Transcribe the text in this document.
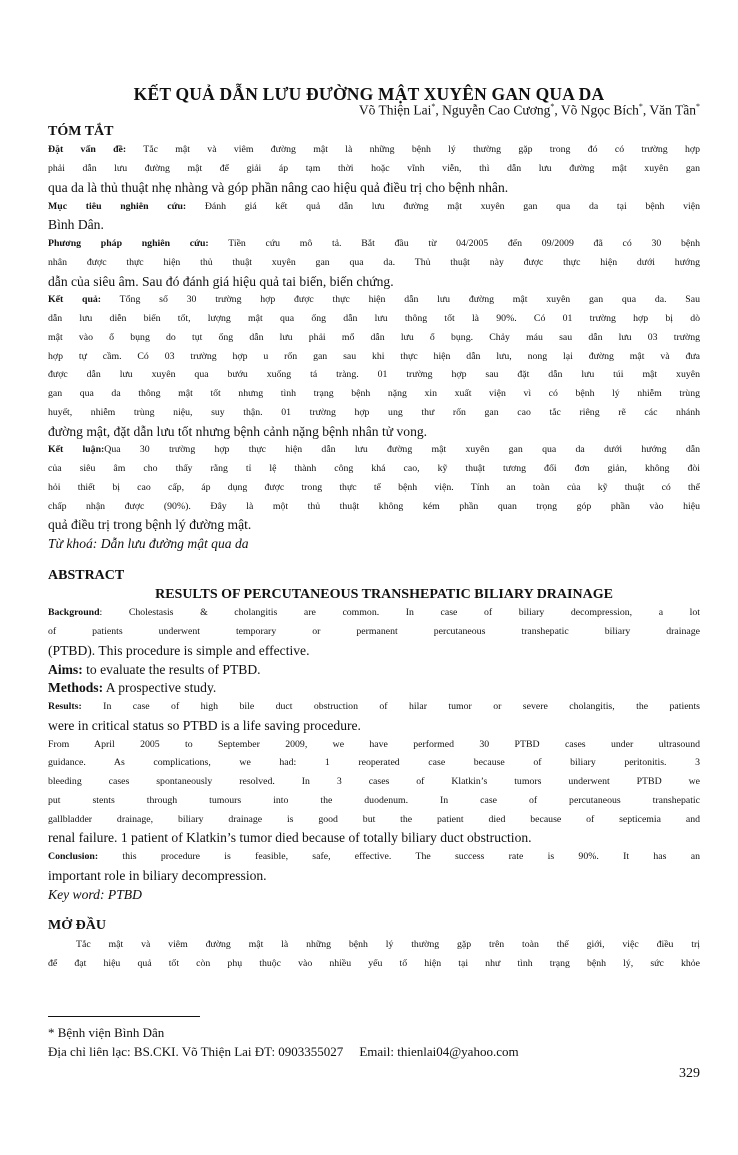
KẾT QUẢ DẪN LƯU ĐƯỜNG MẬT XUYÊN GAN QUA DA
Võ Thiện Lai*, Nguyễn Cao Cương*, Võ Ngọc Bích*, Văn Tần*
TÓM TẮT
Đặt vấn đề: Tắc mật và viêm đường mật là những bệnh lý thường gặp trong đó có trường hợp
phải dẫn lưu đường mật để giải áp tạm thời hoặc vĩnh viễn, thì dẫn lưu đường mật xuyên gan
qua da là thủ thuật nhẹ nhàng và góp phần nâng cao hiệu quả điều trị cho bệnh nhân.
Mục tiêu nghiên cứu: Đánh giá kết quả dẫn lưu đường mật xuyên gan qua da tại bệnh viện
Bình Dân.
Phương pháp nghiên cứu: Tiền cứu mô tả. Bắt đầu từ 04/2005 đến 09/2009 đã có 30 bệnh
nhân được thực hiện thủ thuật xuyên gan qua da. Thủ thuật này được thực hiện dưới hướng
dẫn của siêu âm. Sau đó đánh giá hiệu quả tai biến, biến chứng.
Kết quả: Tổng số 30 trường hợp được thực hiện dẫn lưu đường mật xuyên gan qua da. Sau
dẫn lưu diễn biến tốt, lượng mật qua ống dẫn lưu thông tốt là 90%. Có 01 trường hợp bị dò
mật vào ổ bụng do tụt ống dẫn lưu phải mổ dẫn lưu ổ bụng. Chảy máu sau dẫn lưu 03 trường
hợp tự cầm. Có 03 trường hợp u rốn gan sau khi thực hiện dẫn lưu, nong lại đường mật và đưa
được dẫn lưu xuyên qua bướu xuống tá tràng. 01 trường hợp sau đặt dẫn lưu túi mật xuyên
gan qua da thông mật tốt nhưng tình trạng bệnh nặng xin xuất viện vì có bệnh lý nhiễm trùng
huyết, nhiễm trùng niệu, suy thận. 01 trường hợp ung thư rốn gan cao tắc riêng rẽ các nhánh
đường mật, đặt dẫn lưu tốt nhưng bệnh cảnh nặng bệnh nhân tử vong.
Kết luận:Qua 30 trường hợp thực hiện dẫn lưu đường mật xuyên gan qua da dưới hướng dẫn
của siêu âm cho thấy rằng tỉ lệ thành công khá cao, kỹ thuật tương đối đơn giản, không đòi
hỏi thiết bị cao cấp, áp dụng được trong thực tế bệnh viện. Tính an toàn của kỹ thuật có thể
chấp nhận được (90%). Đây là một thủ thuật không kém phần quan trọng góp phần vào hiệu
quả điều trị trong bệnh lý đường mật.
Từ khoá: Dẫn lưu đường mật qua da
ABSTRACT
RESULTS OF PERCUTANEOUS TRANSHEPATIC BILIARY DRAINAGE
Background: Cholestasis & cholangitis are common. In case of biliary decompression, a lot
of patients underwent temporary or permanent percutaneous transhepatic biliary drainage
(PTBD). This procedure is simple and effective.
Aims: to evaluate the results of PTBD.
Methods: A prospective study.
Results: In case of high bile duct obstruction of hilar tumor or severe cholangitis, the patients
were in critical status so PTBD is a life saving procedure.
From April 2005 to September 2009, we have performed 30 PTBD cases under ultrasound
guidance. As complications, we had: 1 reoperated case because of biliary peritonitis. 3
bleeding cases spontaneously resolved. In 3 cases of Klatkin’s tumors underwent PTBD we
put stents through tumours into the duodenum. In case of percutaneous transhepatic
gallbladder drainage, biliary drainage is good but the patient died because of septicemia and
renal failure. 1 patient of Klatkin’s tumor died because of totally biliary duct obstruction.
Conclusion: this procedure is feasible, safe, effective. The success rate is 90%. It has an
important role in biliary decompression.
Key word: PTBD
MỞ ĐẦU
Tắc mật và viêm đường mật là những bệnh lý thường gặp trên toàn thế giới, việc điều trị
để đạt hiệu quả tốt còn phụ thuộc vào nhiều yếu tố hiện tại như tình trạng bệnh lý, sức khỏe
* Bệnh viện Bình Dân
Địa chỉ liên lạc: BS.CKI. Võ Thiện Lai ĐT: 0903355027 Email: thienlai04@yahoo.com
329
